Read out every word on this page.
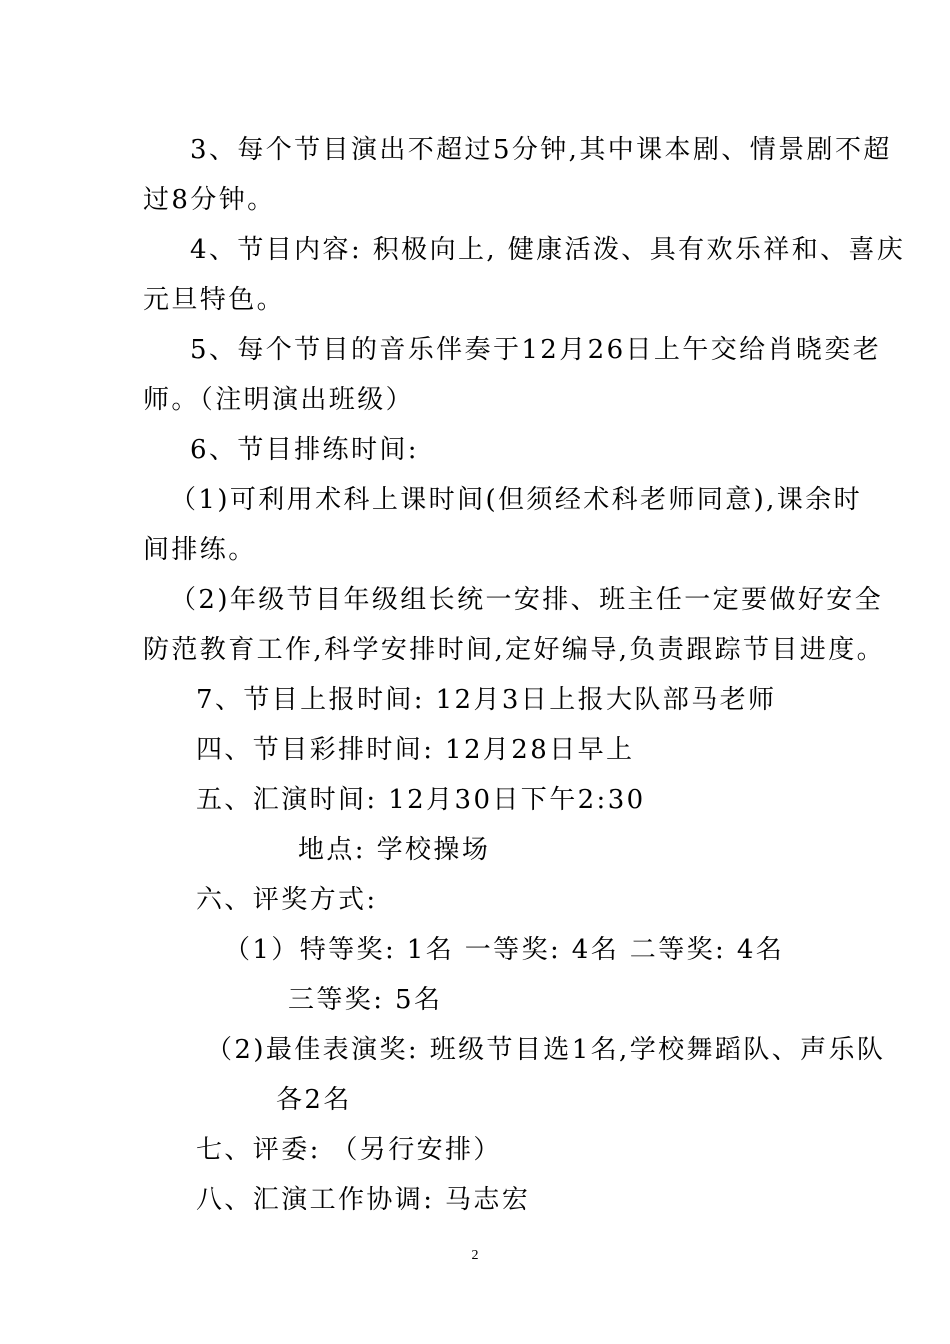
3、每个节目演出不超过5分钟,其中课本剧、情景剧不超
过8分钟。
4、节目内容: 积极向上, 健康活泼、具有欢乐祥和、喜庆
元旦特色。
5、每个节目的音乐伴奏于12月26日上午交给肖晓奕老
师。（注明演出班级）
6、节目排练时间:
（1)可利用术科上课时间(但须经术科老师同意),课余时
间排练。
（2)年级节目年级组长统一安排、班主任一定要做好安全
防范教育工作,科学安排时间,定好编导,负责跟踪节目进度。
7、节目上报时间: 12月3日上报大队部马老师
四、节目彩排时间: 12月28日早上
五、汇演时间: 12月30日下午2:30
地点: 学校操场
六、评奖方式:
（1）特等奖: 1名 一等奖: 4名 二等奖: 4名
三等奖: 5名
（2)最佳表演奖: 班级节目选1名,学校舞蹈队、声乐队
各2名
七、评委: （另行安排）
八、汇演工作协调: 马志宏
2
